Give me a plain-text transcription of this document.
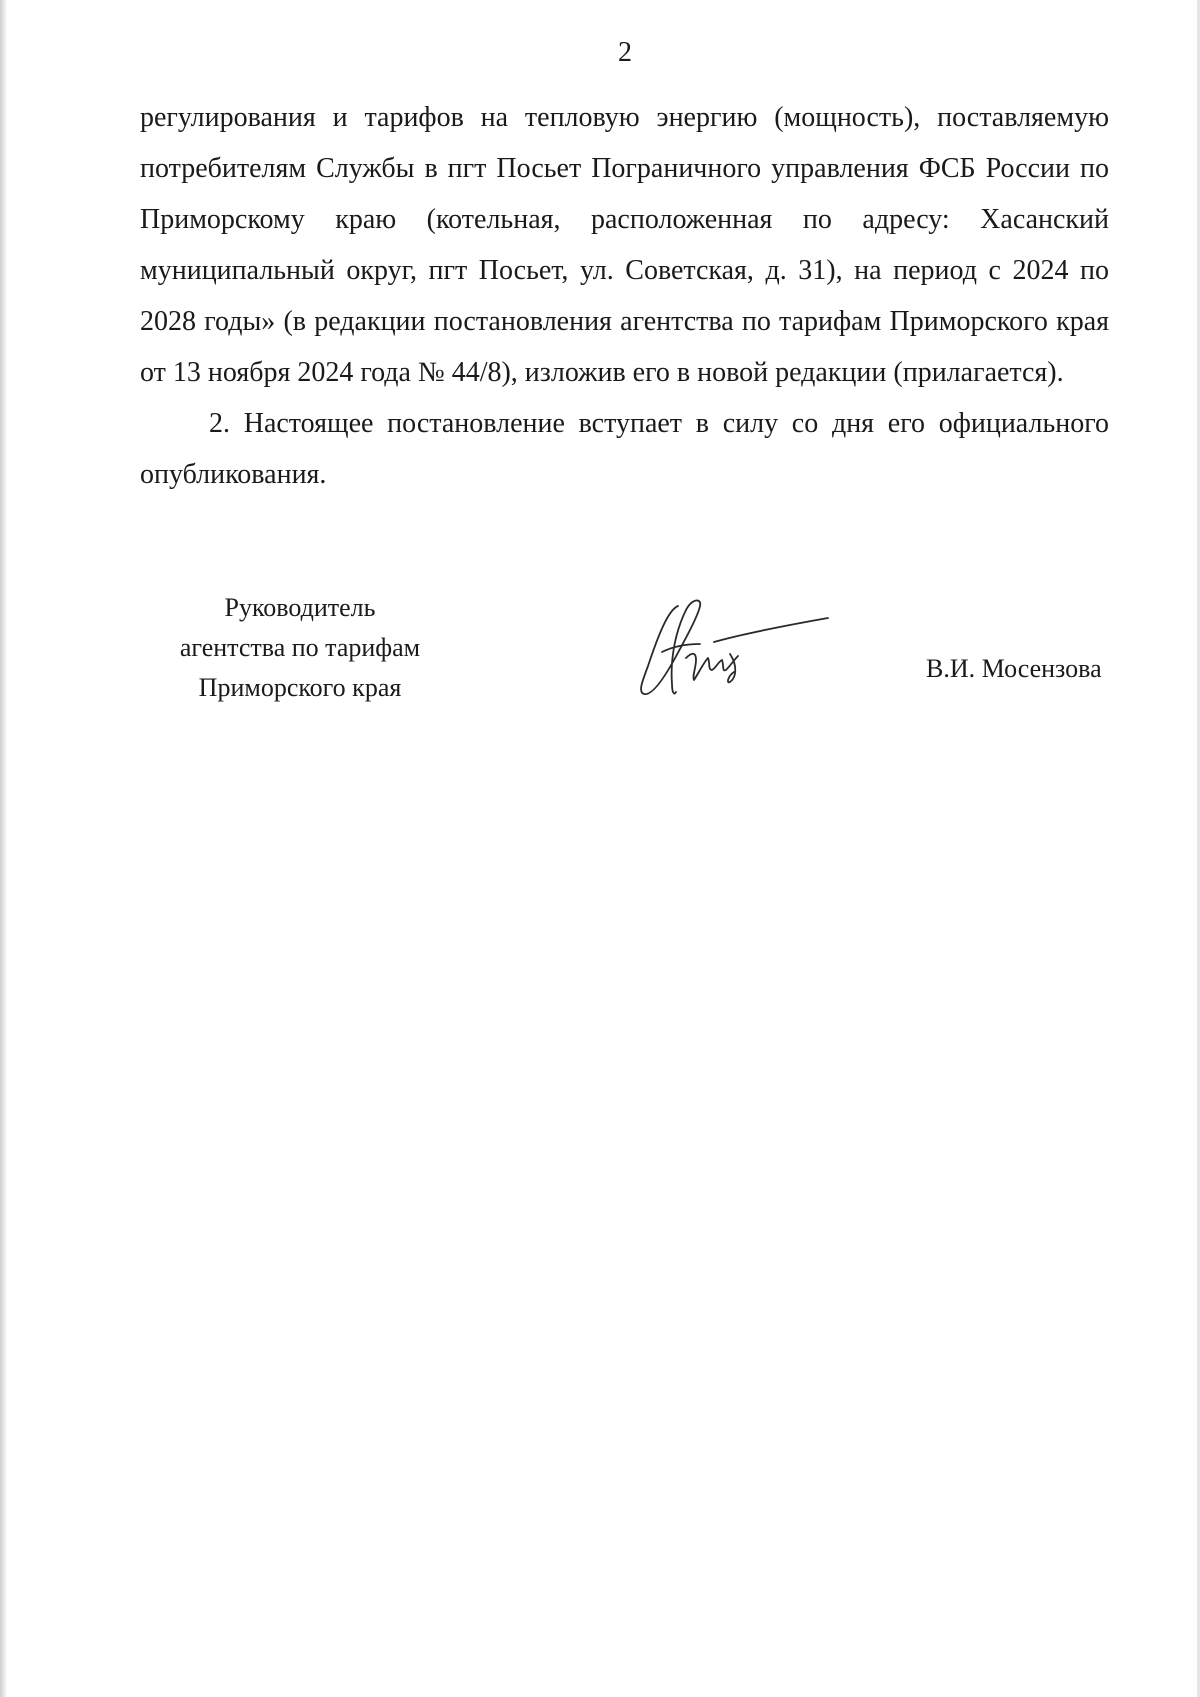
2

регулирования и тарифов на тепловую энергию (мощность), поставляемую потребителям Службы в пгт Посьет Пограничного управления ФСБ России по Приморскому краю (котельная, расположенная по адресу: Хасанский муниципальный округ, пгт Посьет, ул. Советская, д. 31), на период с 2024 по 2028 годы» (в редакции постановления агентства по тарифам Приморского края от 13 ноября 2024 года № 44/8), изложив его в новой редакции (прилагается).

2. Настоящее постановление вступает в силу со дня его официального опубликования.

Руководитель
агентства по тарифам
Приморского края
В.И. Мосензова
